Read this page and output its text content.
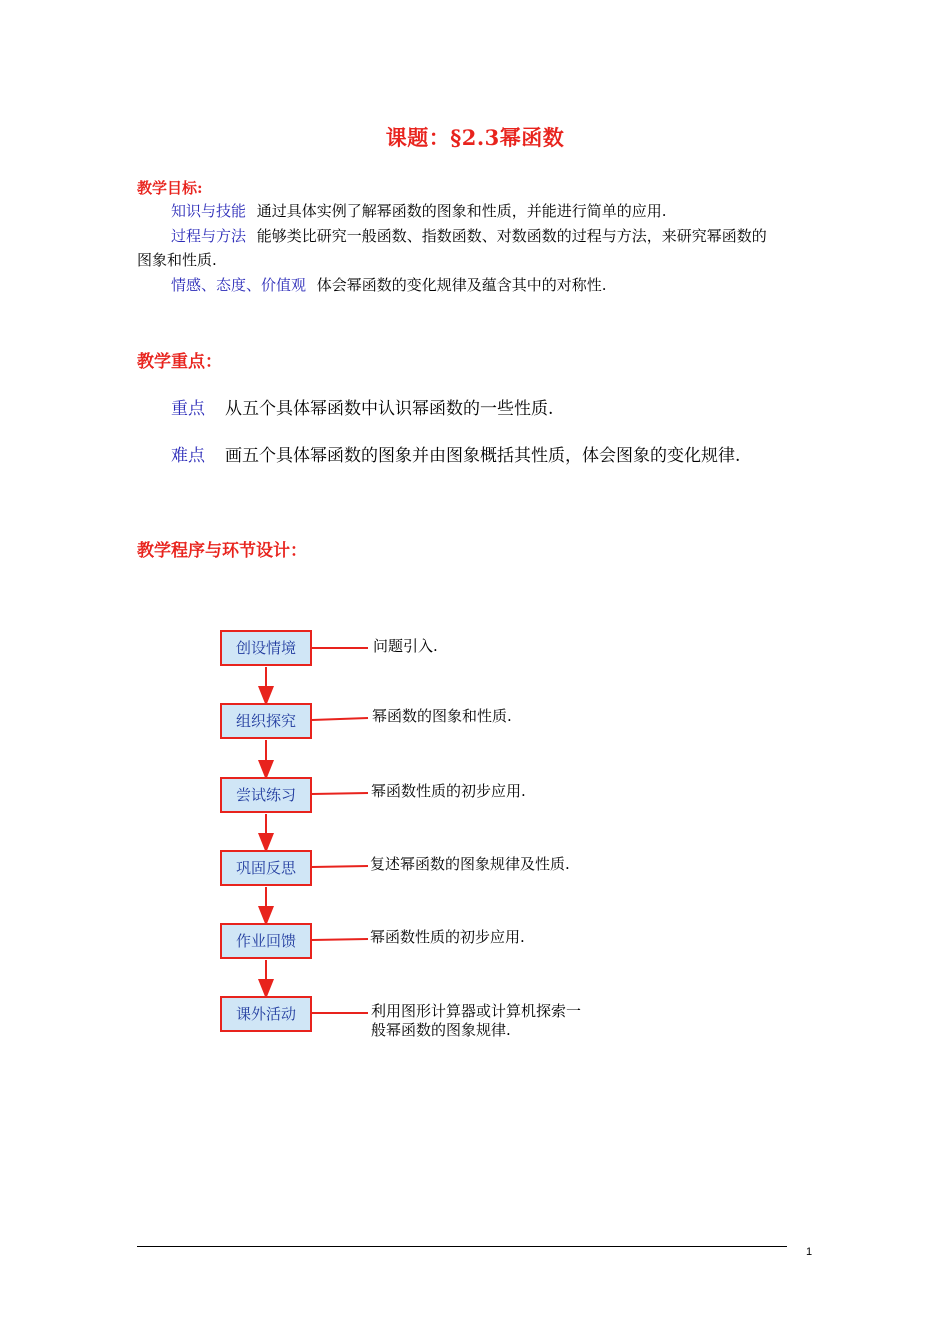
课题：§2.3幂函数
教学目标:
知识与技能 通过具体实例了解幂函数的图象和性质，并能进行简单的应用.
过程与方法 能够类比研究一般函数、指数函数、对数函数的过程与方法，来研究幂函数的
图象和性质.
情感、态度、价值观 体会幂函数的变化规律及蕴含其中的对称性.
教学重点：
重点 从五个具体幂函数中认识幂函数的一些性质.
难点 画五个具体幂函数的图象并由图象概括其性质，体会图象的变化规律.
教学程序与环节设计：
创设情境	问题引入.
组织探究	幂函数的图象和性质.
尝试练习	幂函数性质的初步应用.
巩固反思	复述幂函数的图象规律及性质.
作业回馈	幂函数性质的初步应用.
课外活动	利用图形计算器或计算机探索一
般幂函数的图象规律.
1
